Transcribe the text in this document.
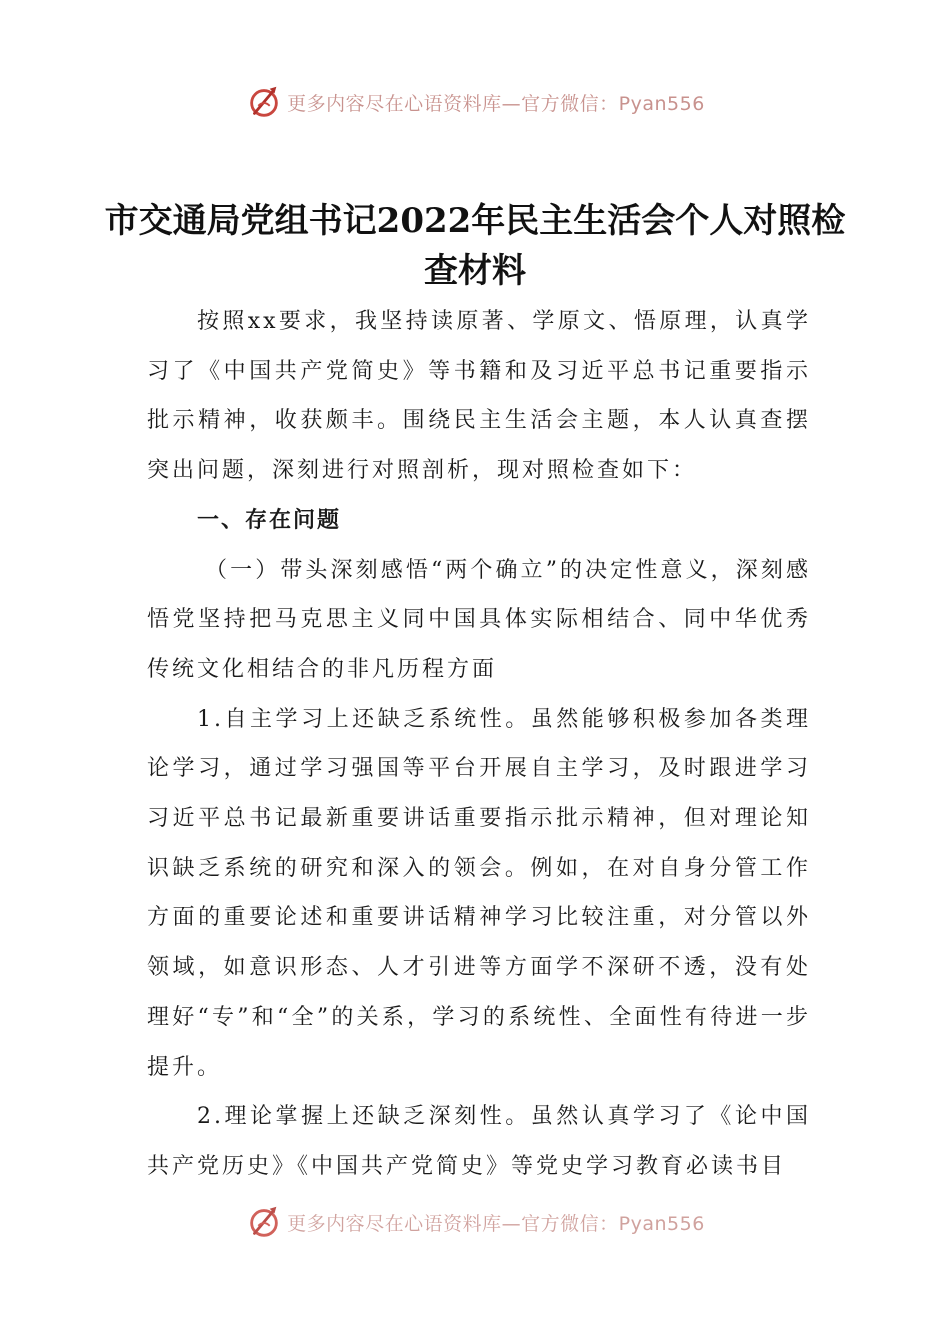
更多内容尽在心语资料库—官方微信：Pyan556
市交通局党组书记2022年民主生活会个人对照检查材料

按照xx要求，我坚持读原著、学原文、悟原理，认真学习了《中国共产党简史》等书籍和及习近平总书记重要指示批示精神，收获颇丰。围绕民主生活会主题，本人认真查摆突出问题，深刻进行对照剖析，现对照检查如下：

一、存在问题

（一）带头深刻感悟“两个确立”的决定性意义，深刻感悟党坚持把马克思主义同中国具体实际相结合、同中华优秀传统文化相结合的非凡历程方面

1.自主学习上还缺乏系统性。虽然能够积极参加各类理论学习，通过学习强国等平台开展自主学习，及时跟进学习习近平总书记最新重要讲话重要指示批示精神，但对理论知识缺乏系统的研究和深入的领会。例如，在对自身分管工作方面的重要论述和重要讲话精神学习比较注重，对分管以外领域，如意识形态、人才引进等方面学不深研不透，没有处理好“专”和“全”的关系，学习的系统性、全面性有待进一步提升。

2.理论掌握上还缺乏深刻性。虽然认真学习了《论中国共产党历史》《中国共产党简史》等党史学习教育必读书目

更多内容尽在心语资料库—官方微信：Pyan556
